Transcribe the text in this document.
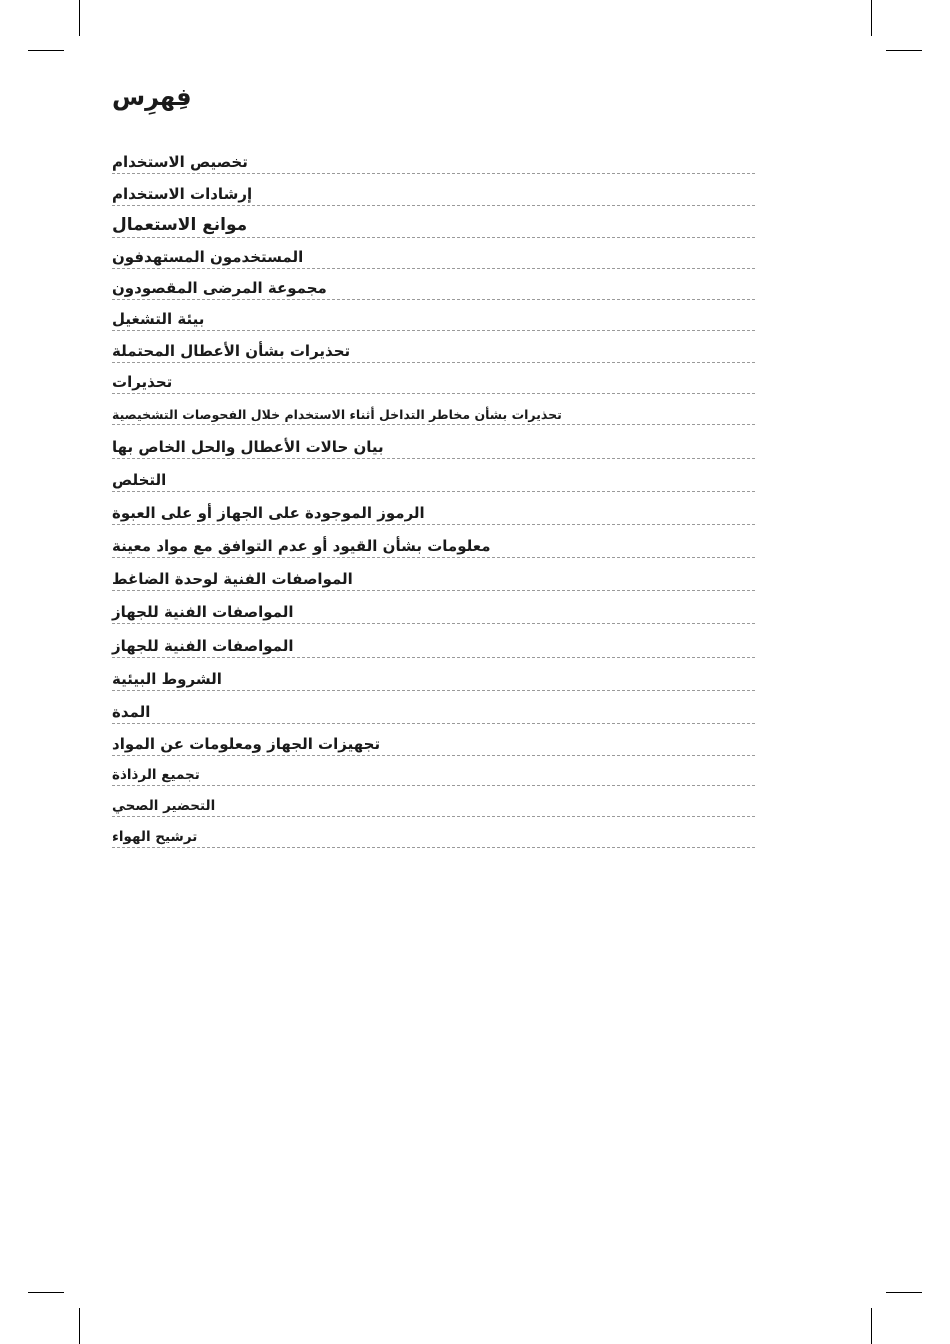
فِهرِس
تخصيص الاستخدام
إرشادات الاستخدام
موانع الاستعمال
المستخدمون المستهدفون
مجموعة المرضى المقصودون
بيئة التشغيل
تحذيرات بشأن الأعطال المحتملة
تحذيرات
تحذيرات بشأن مخاطر التداخل أثناء الاستخدام خلال الفحوصات التشخيصية
بيان حالات الأعطال والحل الخاص بها
التخلص
الرموز الموجودة على الجهاز أو على العبوة
معلومات بشأن القيود أو عدم التوافق مع مواد معينة
المواصفات الفنية لوحدة الضاغط
المواصفات الفنية للجهاز
المواصفات الفنية للجهاز
الشروط البيئية
المدة
تجهيزات الجهاز ومعلومات عن المواد
تجميع الرذاذة
التحضير الصحي
ترشيح الهواء
